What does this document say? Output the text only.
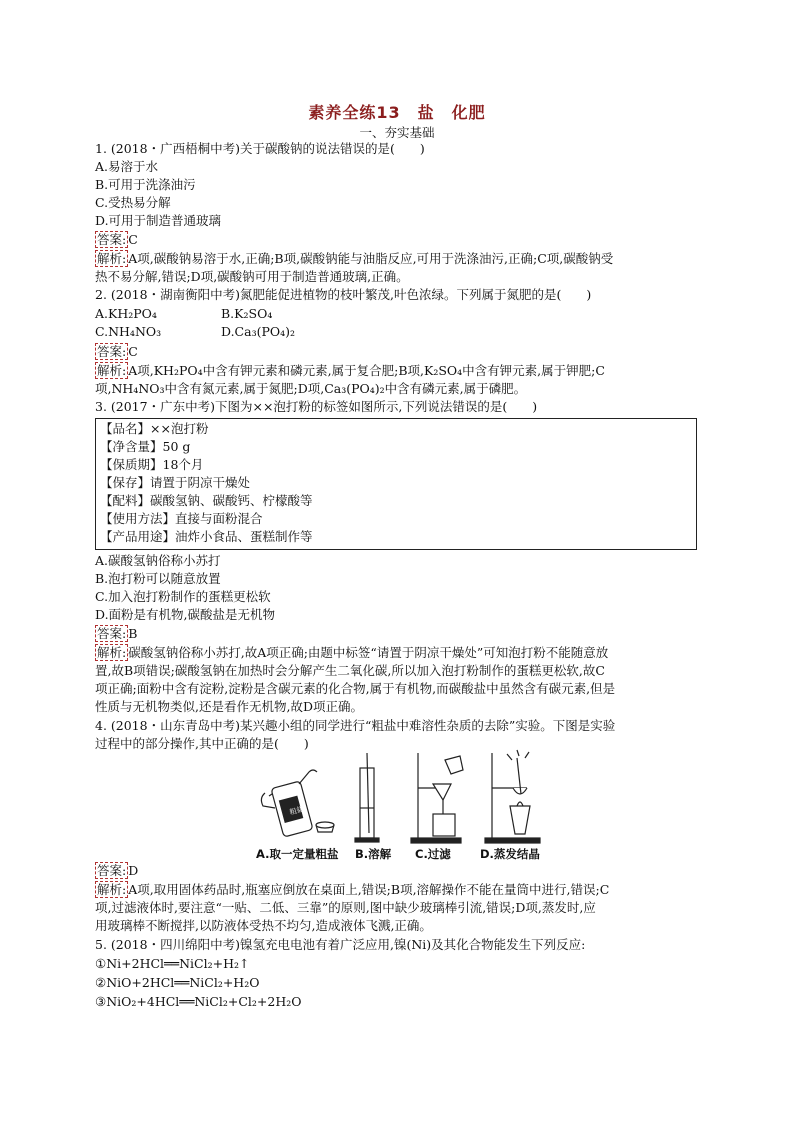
素养全练13　盐　化肥
一、夯实基础
1. (2018・广西梧桐中考)关于碳酸钠的说法错误的是(　　)
A.易溶于水
B.可用于洗涤油污
C.受热易分解
D.可用于制造普通玻璃
答案: C
解析: A项,碳酸钠易溶于水,正确;B项,碳酸钠能与油脂反应,可用于洗涤油污,正确;C项,碳酸钠受
热不易分解,错误;D项,碳酸钠可用于制造普通玻璃,正确。
2. (2018・湖南衡阳中考)氮肥能促进植物的枝叶繁茂,叶色浓绿。下列属于氮肥的是(　　)
A.KH₂PO₄	B.K₂SO₄
C.NH₄NO₃	D.Ca₃(PO₄)₂
答案: C
解析: A项,KH₂PO₄中含有钾元素和磷元素,属于复合肥;B项,K₂SO₄中含有钾元素,属于钾肥;C
项,NH₄NO₃中含有氮元素,属于氮肥;D项,Ca₃(PO₄)₂中含有磷元素,属于磷肥。
3. (2017・广东中考)下图为××泡打粉的标签如图所示,下列说法错误的是(　　)
【品名】××泡打粉
【净含量】50 g
【保质期】18个月
【保存】请置于阴凉干燥处
【配料】碳酸氢钠、碳酸钙、柠檬酸等
【使用方法】直接与面粉混合
【产品用途】油炸小食品、蛋糕制作等
A.碳酸氢钠俗称小苏打
B.泡打粉可以随意放置
C.加入泡打粉制作的蛋糕更松软
D.面粉是有机物,碳酸盐是无机物
答案: B
解析: 碳酸氢钠俗称小苏打,故A项正确;由题中标签“请置于阴凉干燥处”可知泡打粉不能随意放
置,故B项错误;碳酸氢钠在加热时会分解产生二氧化碳,所以加入泡打粉制作的蛋糕更松软,故C
项正确;面粉中含有淀粉,淀粉是含碳元素的化合物,属于有机物,而碳酸盐中虽然含有碳元素,但是
性质与无机物类似,还是看作无机物,故D项正确。
4. (2018・山东青岛中考)某兴趣小组的同学进行“粗盐中难溶性杂质的去除”实验。下图是实验
过程中的部分操作,其中正确的是(　　)
粗盐
A.取一定量粗盐 B.溶解 C.过滤	D.蒸发结晶
答案: D
解析: A项,取用固体药品时,瓶塞应倒放在桌面上,错误;B项,溶解操作不能在量筒中进行,错误;C
项,过滤液体时,要注意“一贴、二低、三靠”的原则,图中缺少玻璃棒引流,错误;D项,蒸发时,应
用玻璃棒不断搅拌,以防液体受热不均匀,造成液体飞溅,正确。
5. (2018・四川绵阳中考)镍氢充电电池有着广泛应用,镍(Ni)及其化合物能发生下列反应:
①Ni+2HCl══NiCl₂+H₂↑
②NiO+2HCl══NiCl₂+H₂O
③NiO₂+4HCl══NiCl₂+Cl₂+2H₂O
